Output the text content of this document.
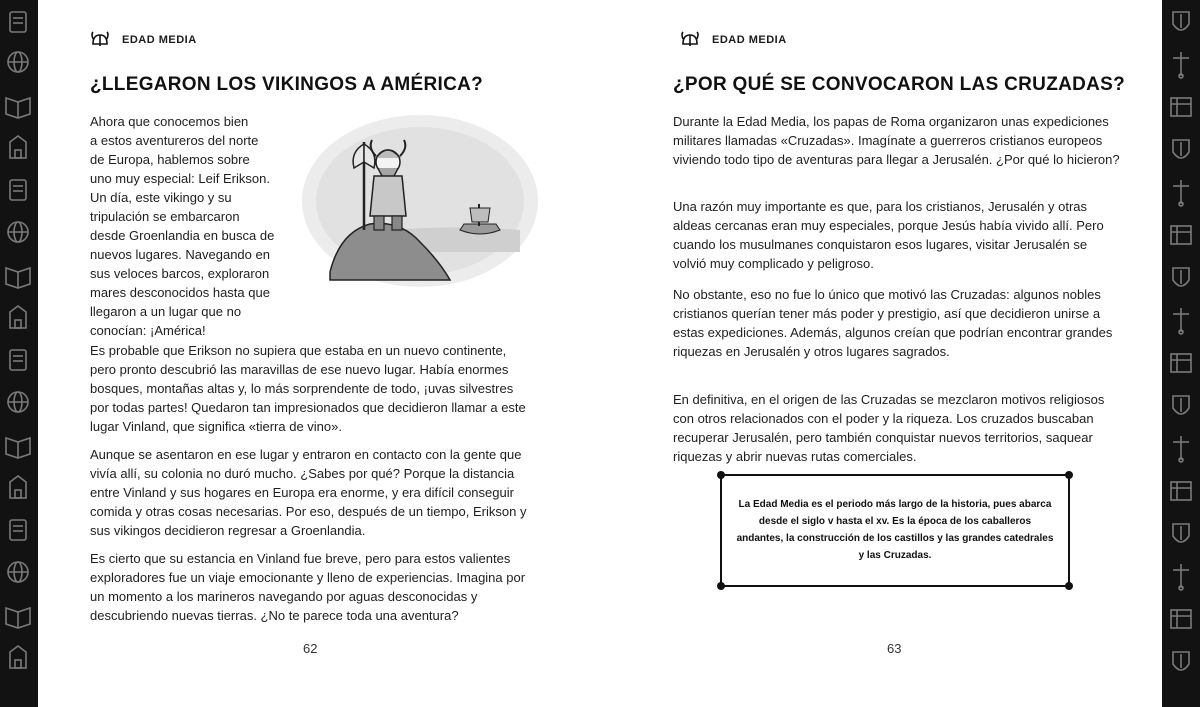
EDAD MEDIA
¿LLEGARON LOS VIKINGOS A AMÉRICA?
Ahora que conocemos bien
a estos aventureros del norte
de Europa, hablemos sobre
uno muy especial: Leif Erikson.
Un día, este vikingo y su
tripulación se embarcaron
desde Groenlandia en busca de
nuevos lugares. Navegando en
sus veloces barcos, exploraron
mares desconocidos hasta que
llegaron a un lugar que no
conocían: ¡América!

Es probable que Erikson no supiera que estaba en un nuevo continente, pero pronto descubrió las maravillas de ese nuevo lugar. Había enormes bosques, montañas altas y, lo más sorprendente de todo, ¡uvas silvestres por todas partes! Quedaron tan impresionados que decidieron llamar a este lugar Vinland, que significa «tierra de vino».

Aunque se asentaron en ese lugar y entraron en contacto con la gente que vivía allí, su colonia no duró mucho. ¿Sabes por qué? Porque la distancia entre Vinland y sus hogares en Europa era enorme, y era difícil conseguir comida y otras cosas necesarias. Por eso, después de un tiempo, Erikson y sus vikingos decidieron regresar a Groenlandia.

Es cierto que su estancia en Vinland fue breve, pero para estos valientes exploradores fue un viaje emocionante y lleno de experiencias. Imagina por un momento a los marineros navegando por aguas desconocidas y descubriendo nuevas tierras. ¿No te parece toda una aventura?

62
EDAD MEDIA
¿POR QUÉ SE CONVOCARON LAS CRUZADAS?

Durante la Edad Media, los papas de Roma organizaron unas expediciones militares llamadas «Cruzadas». Imagínate a guerreros cristianos europeos viviendo todo tipo de aventuras para llegar a Jerusalén. ¿Por qué lo hicieron?

Una razón muy importante es que, para los cristianos, Jerusalén y otras aldeas cercanas eran muy especiales, porque Jesús había vivido allí. Pero cuando los musulmanes conquistaron esos lugares, visitar Jerusalén se volvió muy complicado y peligroso.

No obstante, eso no fue lo único que motivó las Cruzadas: algunos nobles cristianos querían tener más poder y prestigio, así que decidieron unirse a estas expediciones. Además, algunos creían que podrían encontrar grandes riquezas en Jerusalén y otros lugares sagrados.

En definitiva, en el origen de las Cruzadas se mezclaron motivos religiosos con otros relacionados con el poder y la riqueza. Los cruzados buscaban recuperar Jerusalén, pero también conquistar nuevos territorios, saquear riquezas y abrir nuevas rutas comerciales.

La Edad Media es el periodo más largo de la historia, pues abarca desde el siglo v hasta el xv. Es la época de los caballeros andantes, la construcción de los castillos y las grandes catedrales y las Cruzadas.

63
